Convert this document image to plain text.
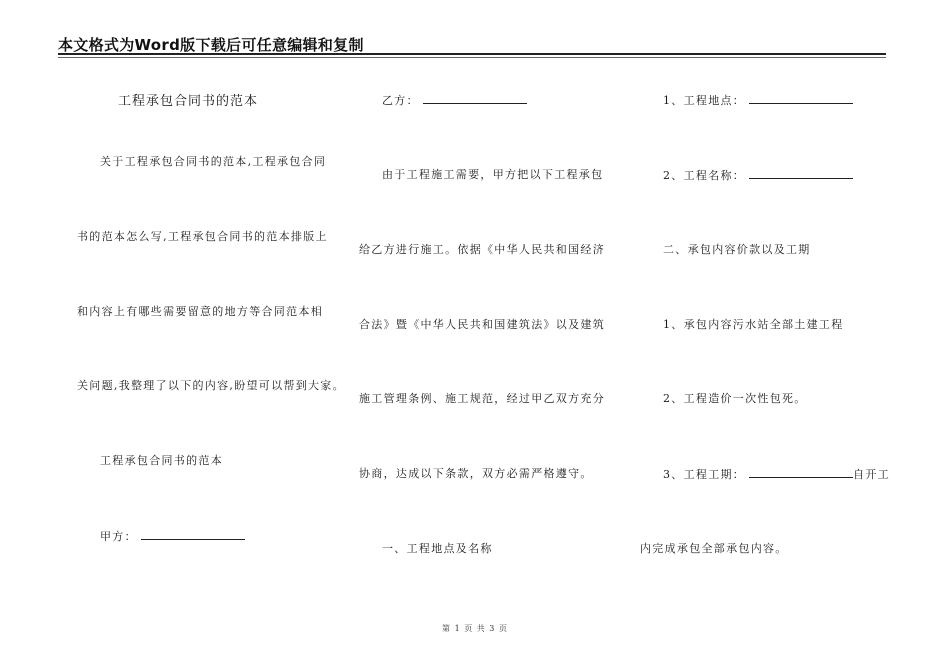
本文格式为Word版下载后可任意编辑和复制
工程承包合同书的范本
关于工程承包合同书的范本,工程承包合同
书的范本怎么写,工程承包合同书的范本排版上
和内容上有哪些需要留意的地方等合同范本相
关问题,我整理了以下的内容,盼望可以帮到大家。
工程承包合同书的范本
甲方：
乙方：
由于工程施工需要，甲方把以下工程承包
给乙方进行施工。依据《中华人民共和国经济
合法》暨《中华人民共和国建筑法》以及建筑
施工管理条例、施工规范，经过甲乙双方充分
协商，达成以下条款，双方必需严格遵守。
一、工程地点及名称
1、工程地点：
2、工程名称：
二、承包内容价款以及工期
1、承包内容污水站全部土建工程
2、工程造价一次性包死。
3、工程工期：	自开工
内完成承包全部承包内容。
第 1 页 共 3 页
